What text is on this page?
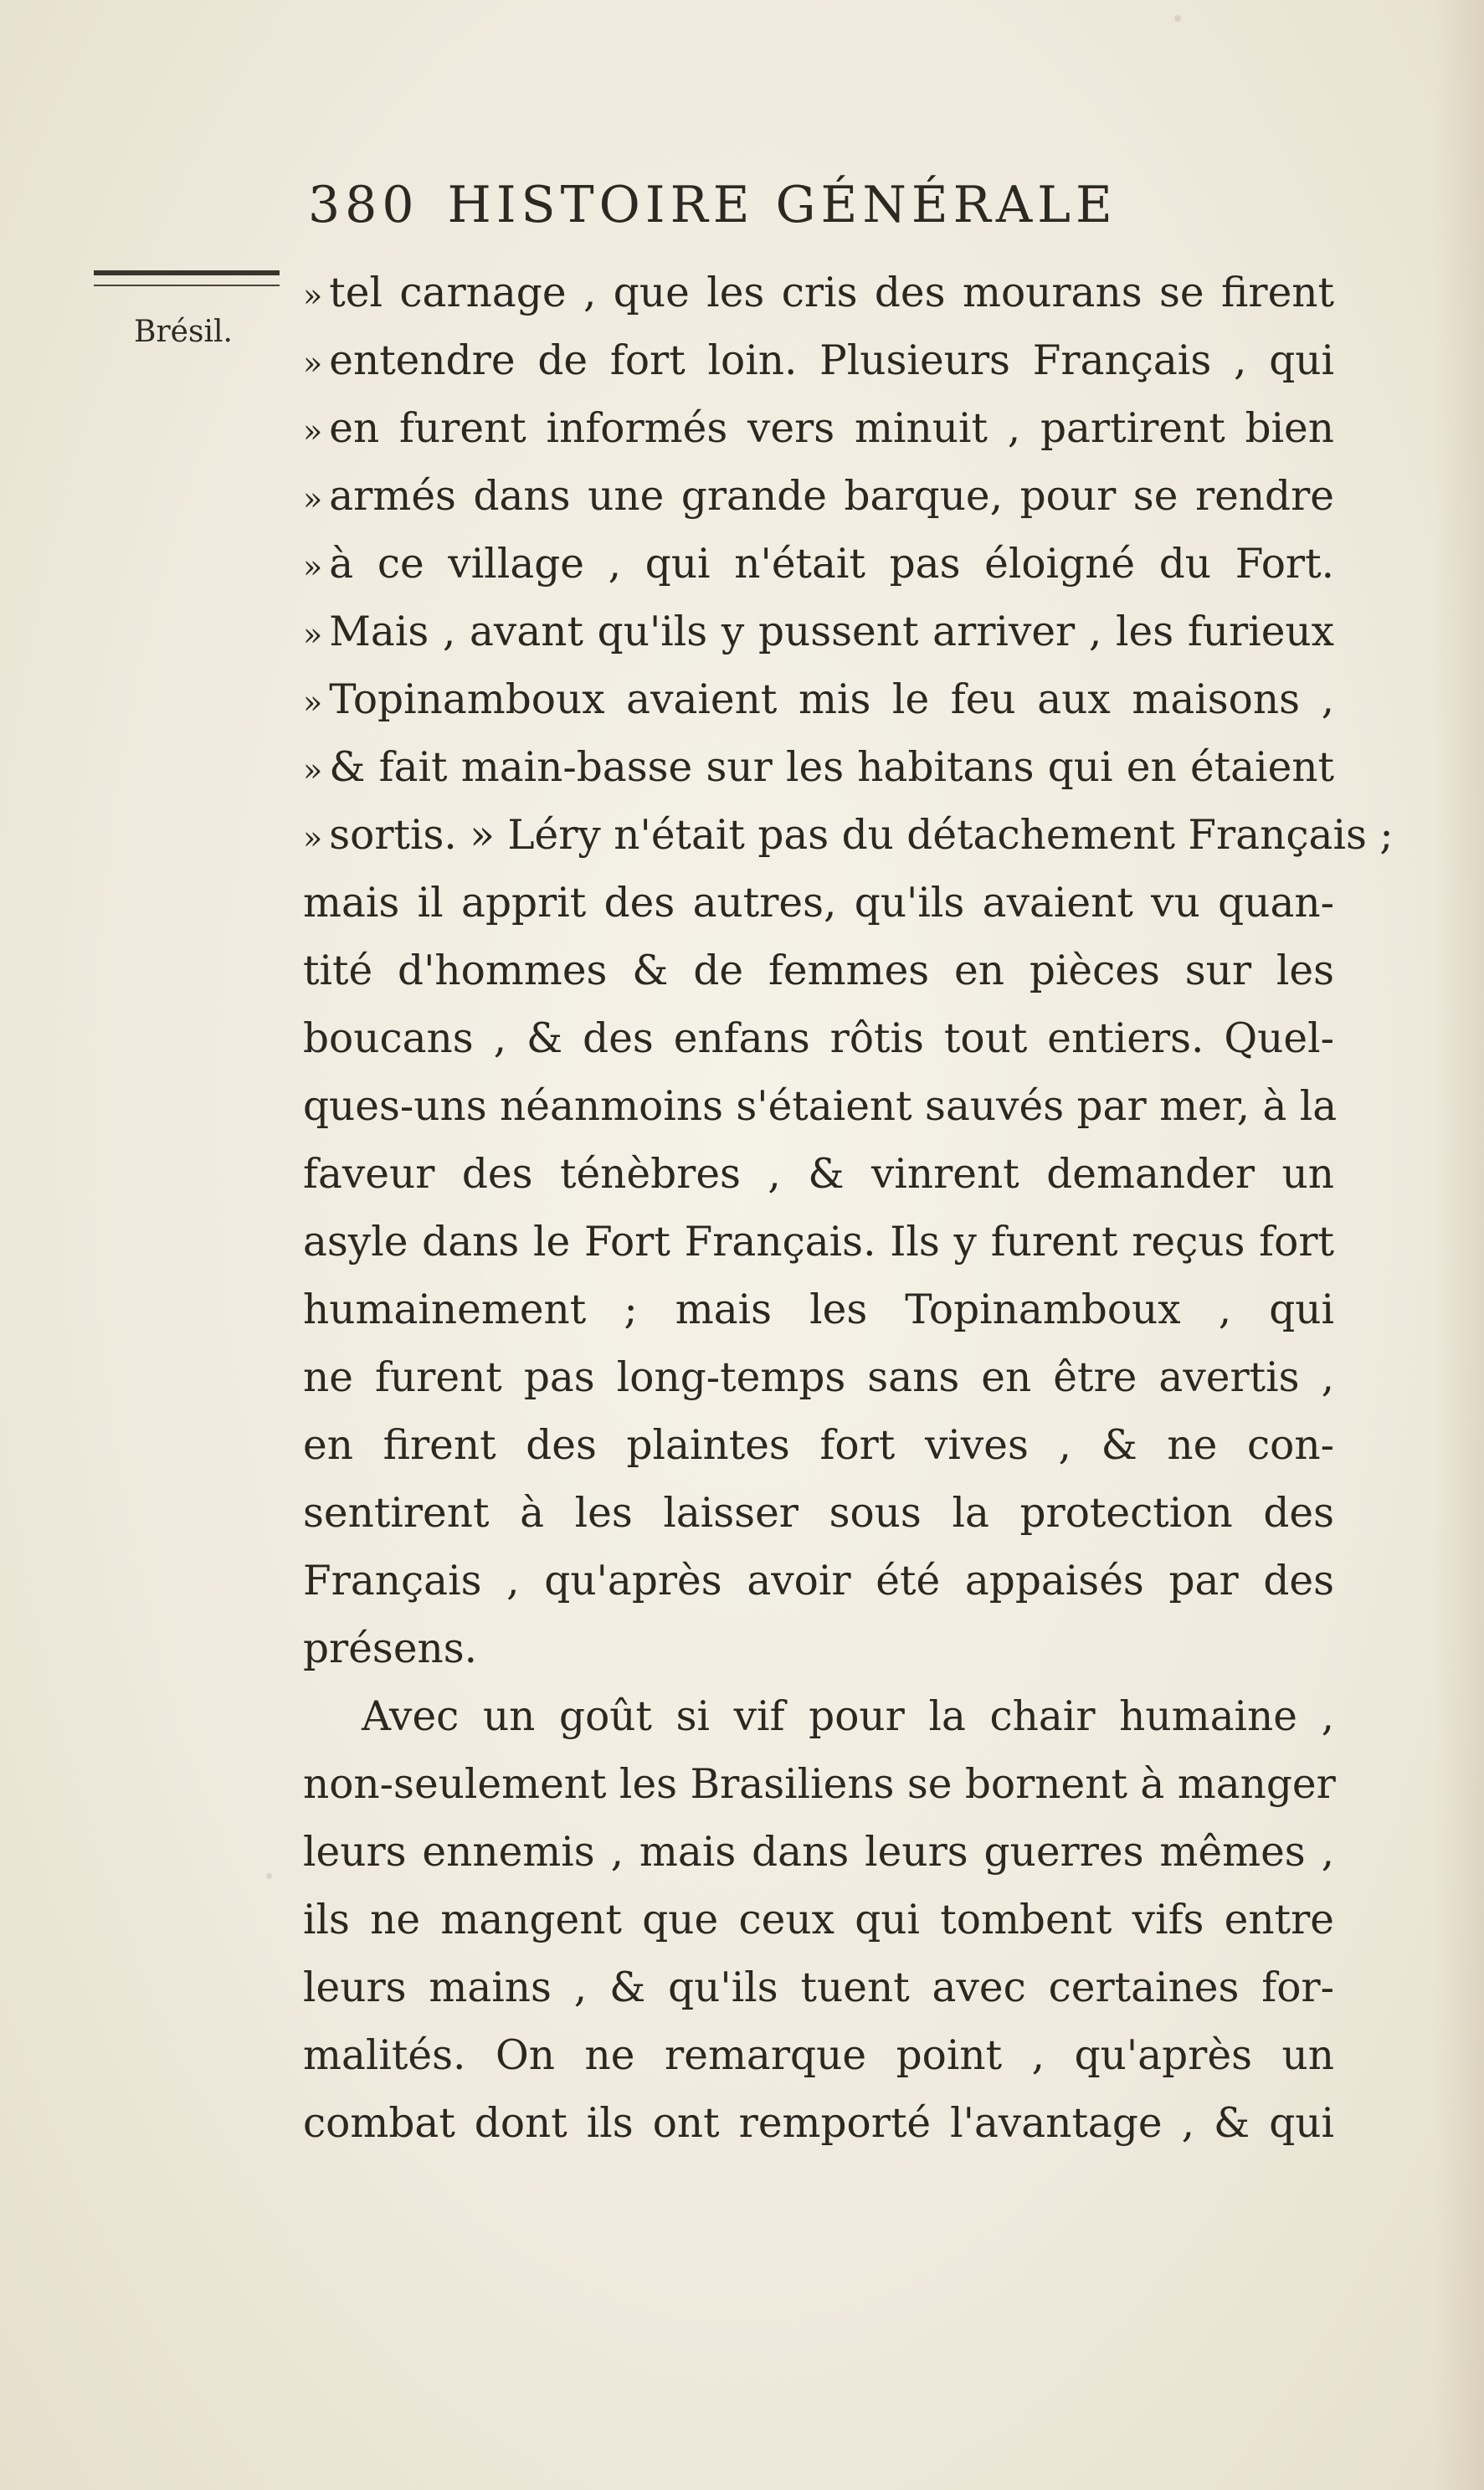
380 HISTOIRE GÉNÉRALE
Brésil.
» tel carnage , que les cris des mourans se firent
» entendre de fort loin. Plusieurs Français , qui
» en furent informés vers minuit , partirent bien
» armés dans une grande barque, pour se rendre
» à ce village , qui n'était pas éloigné du Fort.
» Mais , avant qu'ils y pussent arriver , les furieux
» Topinamboux avaient mis le feu aux maisons ,
» & fait main-basse sur les habitans qui en étaient
» sortis. » Léry n'était pas du détachement Français ;
mais il apprit des autres, qu'ils avaient vu quan-
tité d'hommes & de femmes en pièces sur les
boucans , & des enfans rôtis tout entiers. Quel-
ques-uns néanmoins s'étaient sauvés par mer, à la
faveur des ténèbres , & vinrent demander un
asyle dans le Fort Français. Ils y furent reçus fort
humainement ; mais les Topinamboux , qui
ne furent pas long-temps sans en être avertis ,
en firent des plaintes fort vives , & ne con-
sentirent à les laisser sous la protection des
Français , qu'après avoir été appaisés par des
présens.
Avec un goût si vif pour la chair humaine ,
non-seulement les Brasiliens se bornent à manger
leurs ennemis , mais dans leurs guerres mêmes ,
ils ne mangent que ceux qui tombent vifs entre
leurs mains , & qu'ils tuent avec certaines for-
malités. On ne remarque point , qu'après un
combat dont ils ont remporté l'avantage , & qui
